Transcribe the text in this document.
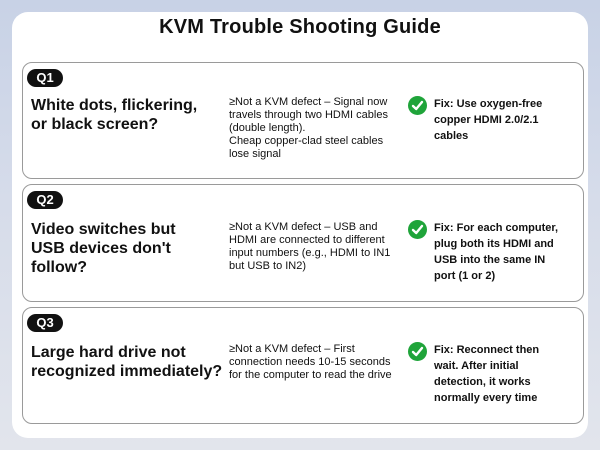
KVM Trouble Shooting Guide
Q1
White dots, flickering,
or black screen?
≥Not a KVM defect – Signal now
travels through two HDMI cables
(double length).
Cheap copper-clad steel cables
lose signal
Fix: Use oxygen-free
copper HDMI 2.0/2.1
cables
Q2
Video switches but
USB devices don't
follow?
≥Not a KVM defect – USB and
HDMI are connected to different
input numbers (e.g., HDMI to IN1
but USB to IN2)
Fix: For each computer,
plug both its HDMI and
USB into the same IN
port (1 or 2)
Q3
Large hard drive not
recognized immediately?
≥Not a KVM defect – First
connection needs 10-15 seconds
for the computer to read the drive
Fix: Reconnect then
wait. After initial
detection, it works
normally every time
